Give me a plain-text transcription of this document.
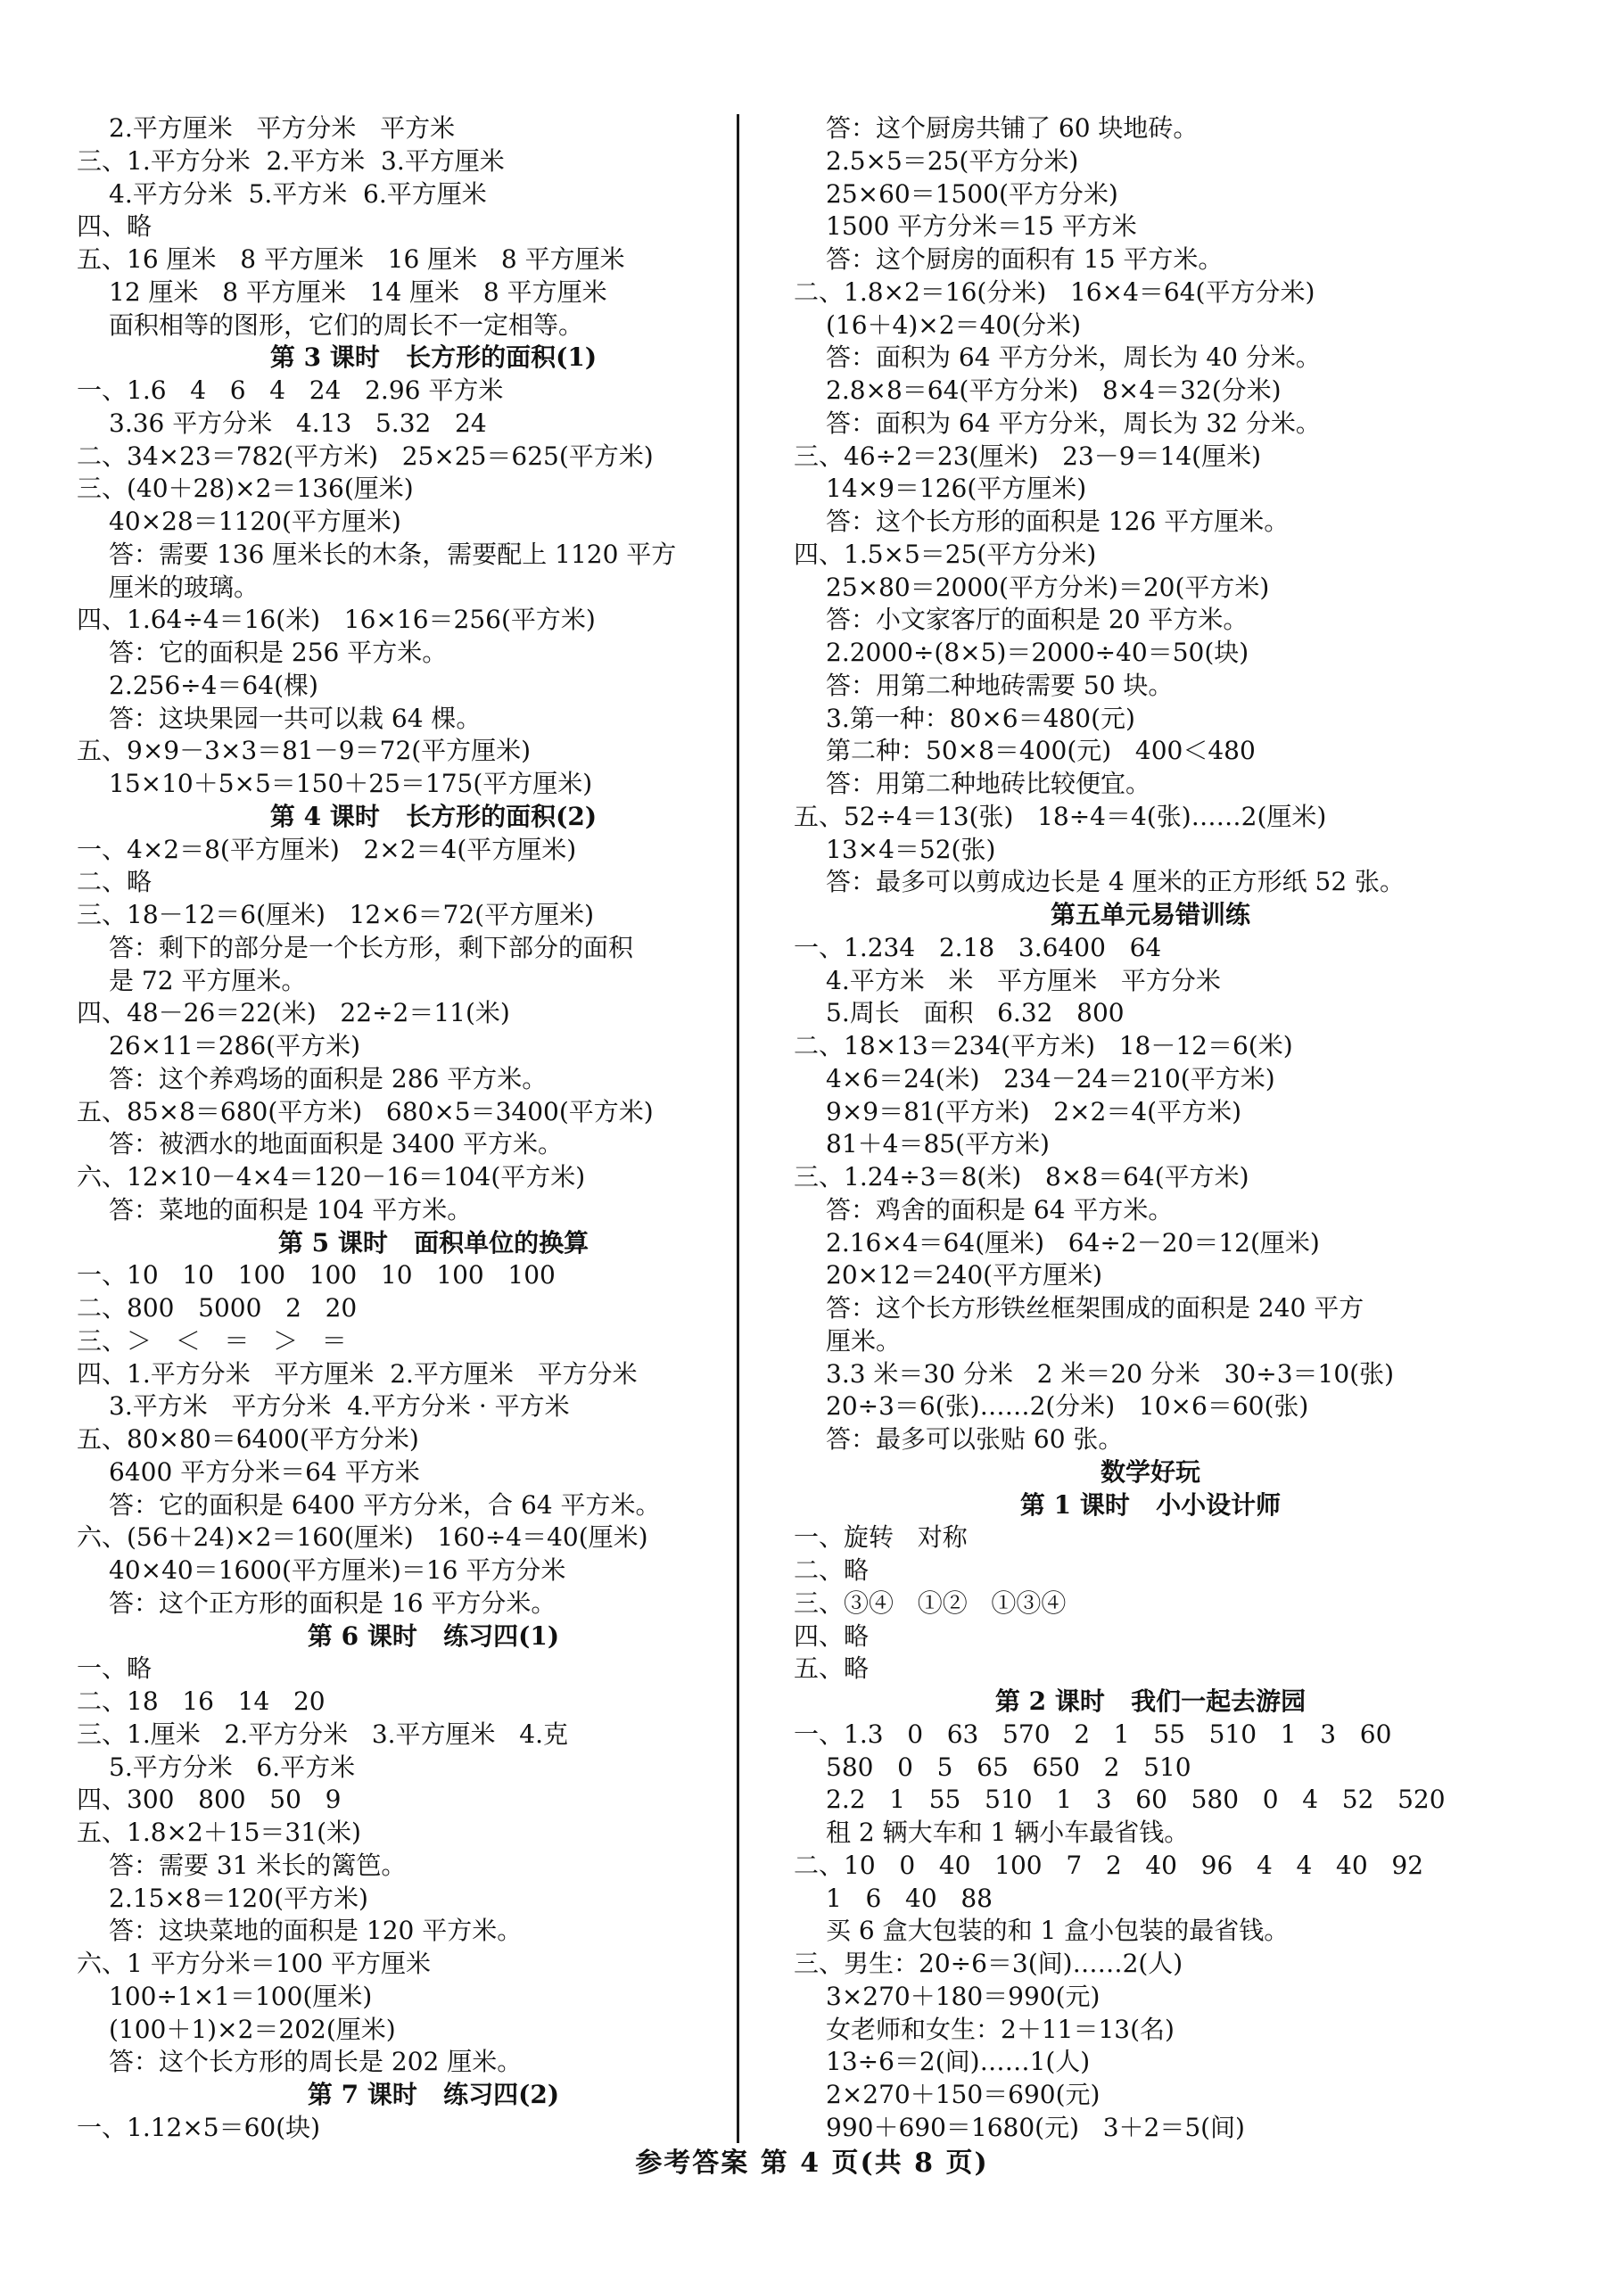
2.平方厘米   平方分米   平方米
三、1.平方分米  2.平方米  3.平方厘米
4.平方分米  5.平方米  6.平方厘米
四、略
五、16 厘米   8 平方厘米   16 厘米   8 平方厘米
12 厘米   8 平方厘米   14 厘米   8 平方厘米
面积相等的图形，它们的周长不一定相等。
第 3 课时   长方形的面积(1)
一、1.6   4   6   4   24   2.96 平方米
3.36 平方分米   4.13   5.32   24
二、34×23＝782(平方米)   25×25＝625(平方米)
三、(40＋28)×2＝136(厘米)
40×28＝1120(平方厘米)
答：需要 136 厘米长的木条，需要配上 1120 平方
厘米的玻璃。
四、1.64÷4＝16(米)   16×16＝256(平方米)
答：它的面积是 256 平方米。
2.256÷4＝64(棵)
答：这块果园一共可以栽 64 棵。
五、9×9－3×3＝81－9＝72(平方厘米)
15×10＋5×5＝150＋25＝175(平方厘米)
第 4 课时   长方形的面积(2)
一、4×2＝8(平方厘米)   2×2＝4(平方厘米)
二、略
三、18－12＝6(厘米)   12×6＝72(平方厘米)
答：剩下的部分是一个长方形，剩下部分的面积
是 72 平方厘米。
四、48－26＝22(米)   22÷2＝11(米)
26×11＝286(平方米)
答：这个养鸡场的面积是 286 平方米。
五、85×8＝680(平方米)   680×5＝3400(平方米)
答：被洒水的地面面积是 3400 平方米。
六、12×10－4×4＝120－16＝104(平方米)
答：菜地的面积是 104 平方米。
第 5 课时   面积单位的换算
一、10   10   100   100   10   100   100
二、800   5000   2   20
三、＞   ＜   ＝   ＞   ＝
四、1.平方分米   平方厘米  2.平方厘米   平方分米
3.平方米   平方分米  4.平方分米 · 平方米
五、80×80＝6400(平方分米)
6400 平方分米＝64 平方米
答：它的面积是 6400 平方分米，合 64 平方米。
六、(56＋24)×2＝160(厘米)   160÷4＝40(厘米)
40×40＝1600(平方厘米)＝16 平方分米
答：这个正方形的面积是 16 平方分米。
第 6 课时   练习四(1)
一、略
二、18   16   14   20
三、1.厘米   2.平方分米   3.平方厘米   4.克
5.平方分米   6.平方米
四、300   800   50   9
五、1.8×2＋15＝31(米)
答：需要 31 米长的篱笆。
2.15×8＝120(平方米)
答：这块菜地的面积是 120 平方米。
六、1 平方分米＝100 平方厘米
100÷1×1＝100(厘米)
(100＋1)×2＝202(厘米)
答：这个长方形的周长是 202 厘米。
第 7 课时   练习四(2)
一、1.12×5＝60(块)
答：这个厨房共铺了 60 块地砖。
2.5×5＝25(平方分米)
25×60＝1500(平方分米)
1500 平方分米＝15 平方米
答：这个厨房的面积有 15 平方米。
二、1.8×2＝16(分米)   16×4＝64(平方分米)
(16＋4)×2＝40(分米)
答：面积为 64 平方分米，周长为 40 分米。
2.8×8＝64(平方分米)   8×4＝32(分米)
答：面积为 64 平方分米，周长为 32 分米。
三、46÷2＝23(厘米)   23－9＝14(厘米)
14×9＝126(平方厘米)
答：这个长方形的面积是 126 平方厘米。
四、1.5×5＝25(平方分米)
25×80＝2000(平方分米)＝20(平方米)
答：小文家客厅的面积是 20 平方米。
2.2000÷(8×5)＝2000÷40＝50(块)
答：用第二种地砖需要 50 块。
3.第一种：80×6＝480(元)
第二种：50×8＝400(元)   400＜480
答：用第二种地砖比较便宜。
五、52÷4＝13(张)   18÷4＝4(张)……2(厘米)
13×4＝52(张)
答：最多可以剪成边长是 4 厘米的正方形纸 52 张。
第五单元易错训练
一、1.234   2.18   3.6400   64
4.平方米   米   平方厘米   平方分米
5.周长   面积   6.32   800
二、18×13＝234(平方米)   18－12＝6(米)
4×6＝24(米)   234－24＝210(平方米)
9×9＝81(平方米)   2×2＝4(平方米)
81＋4＝85(平方米)
三、1.24÷3＝8(米)   8×8＝64(平方米)
答：鸡舍的面积是 64 平方米。
2.16×4＝64(厘米)   64÷2－20＝12(厘米)
20×12＝240(平方厘米)
答：这个长方形铁丝框架围成的面积是 240 平方
厘米。
3.3 米＝30 分米   2 米＝20 分米   30÷3＝10(张)
20÷3＝6(张)……2(分米)   10×6＝60(张)
答：最多可以张贴 60 张。
数学好玩
第 1 课时   小小设计师
一、旋转   对称
二、略
三、③④   ①②   ①③④
四、略
五、略
第 2 课时   我们一起去游园
一、1.3   0   63   570   2   1   55   510   1   3   60
580   0   5   65   650   2   510
2.2   1   55   510   1   3   60   580   0   4   52   520
租 2 辆大车和 1 辆小车最省钱。
二、10   0   40   100   7   2   40   96   4   4   40   92
1   6   40   88
买 6 盒大包装的和 1 盒小包装的最省钱。
三、男生：20÷6＝3(间)……2(人)
3×270＋180＝990(元)
女老师和女生：2＋11＝13(名)
13÷6＝2(间)……1(人)
2×270＋150＝690(元)
990＋690＝1680(元)   3＋2＝5(间)
参考答案 第 4 页(共 8 页)
